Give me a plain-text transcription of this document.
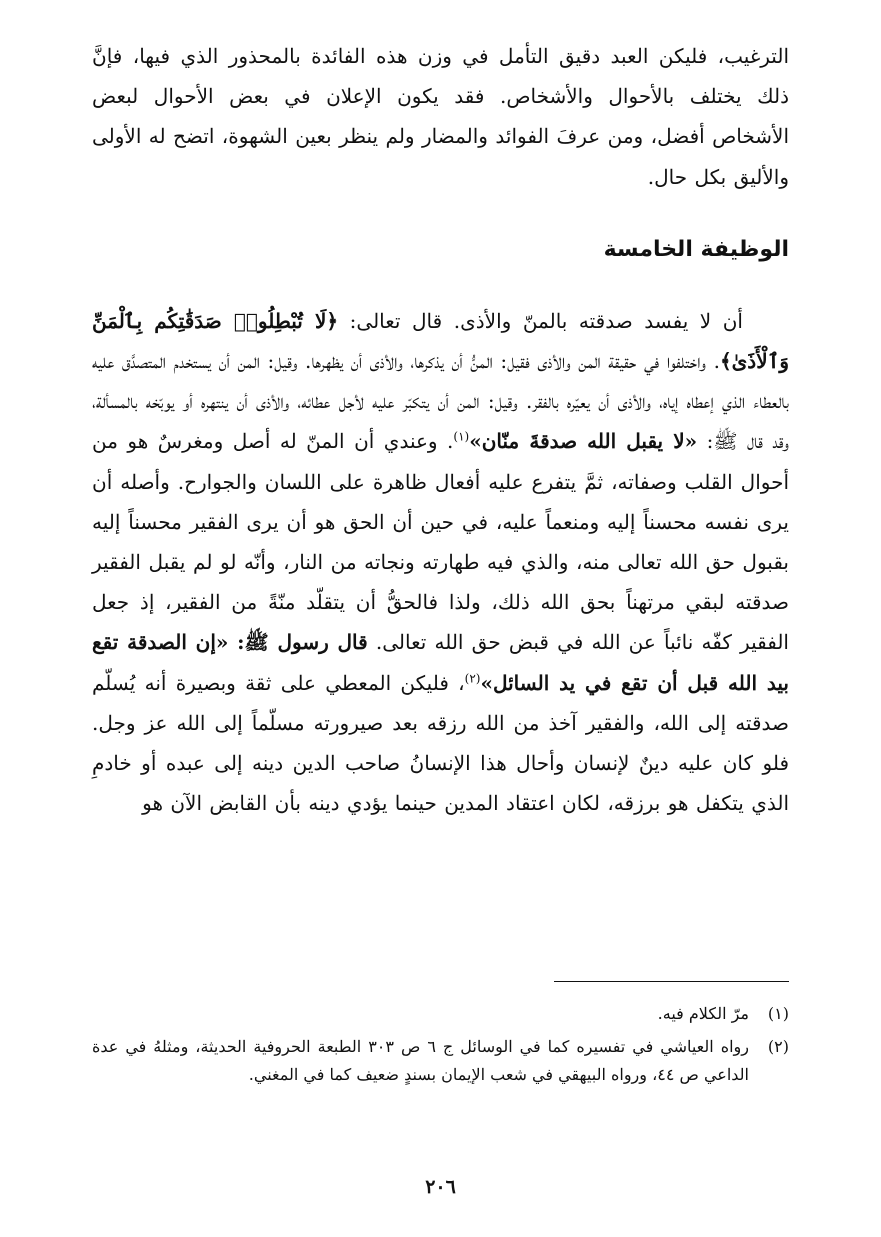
الترغيب، فليكن العبد دقيق التأمل في وزن هذه الفائدة بالمحذور الذي فيها، فإنَّ ذلك يختلف بالأحوال والأشخاص. فقد يكون الإعلان في بعض الأحوال لبعض الأشخاص أفضل، ومن عرفَ الفوائد والمضار ولم ينظر بعين الشهوة، اتضح له الأولى والأليق بكل حال.

الوظيفة الخامسة

أن لا يفسد صدقته بالمنّ والأذى. قال تعالى: ﴿لَا تُبْطِلُوا۟ صَدَقَٰتِكُم بِٱلْمَنِّ وَٱلْأَذَىٰ﴾. واختلفوا في حقيقة المن والأذى فقيل: المنُّ أن يذكرها، والأذى أن يظهرها. وقيل: المن أن يستخدم المتصدَّق عليه بالعطاء الذي إعطاه إياه، والأذى أن يعيّره بالفقر. وقيل: المن أن يتكبّر عليه لأجل عطائه، والأذى أن ينتهره أو يوبّخه بالمسألة، وقد قال ﷺ: «لا يقبل الله صدقةَ منّان»$^{(١)}$. وعندي أن المنّ له أصل ومغرسٌ هو من أحوال القلب وصفاته، ثمَّ يتفرع عليه أفعال ظاهرة على اللسان والجوارح. وأصله أن يرى نفسه محسناً إليه ومنعماً عليه، في حين أن الحق هو أن يرى الفقير محسناً إليه بقبول حق الله تعالى منه، والذي فيه طهارته ونجاته من النار، وأنّه لو لم يقبل الفقير صدقته لبقي مرتهناً بحق الله ذلك، ولذا فالحقُّ أن يتقلّد منّةً من الفقير، إذ جعل الفقير كفّه نائباً عن الله في قبض حق الله تعالى. قال رسول ﷺ: «إن الصدقة تقع بيد الله قبل أن تقع في يد السائل»$^{(٢)}$، فليكن المعطي على ثقة وبصيرة أنه يُسلّم صدقته إلى الله، والفقير آخذ من الله رزقه بعد صيرورته مسلّماً إلى الله عز وجل. فلو كان عليه دينٌ لإنسان وأحال هذا الإنسانُ صاحب الدين دينه إلى عبده أو خادمِ الذي يتكفل هو برزقه، لكان اعتقاد المدين حينما يؤدي دينه بأن القابض الآن هو

(١)
مرّ الكلام فيه.
(٢)
رواه العياشي في تفسيره كما في الوسائل ج ٦ ص ٣٠٣ الطبعة الحروفية الحديثة، ومثلهُ في عدة الداعي ص ٤٤، ورواه البيهقي في شعب الإيمان بسندٍ ضعيف كما في المغني.
٢٠٦
